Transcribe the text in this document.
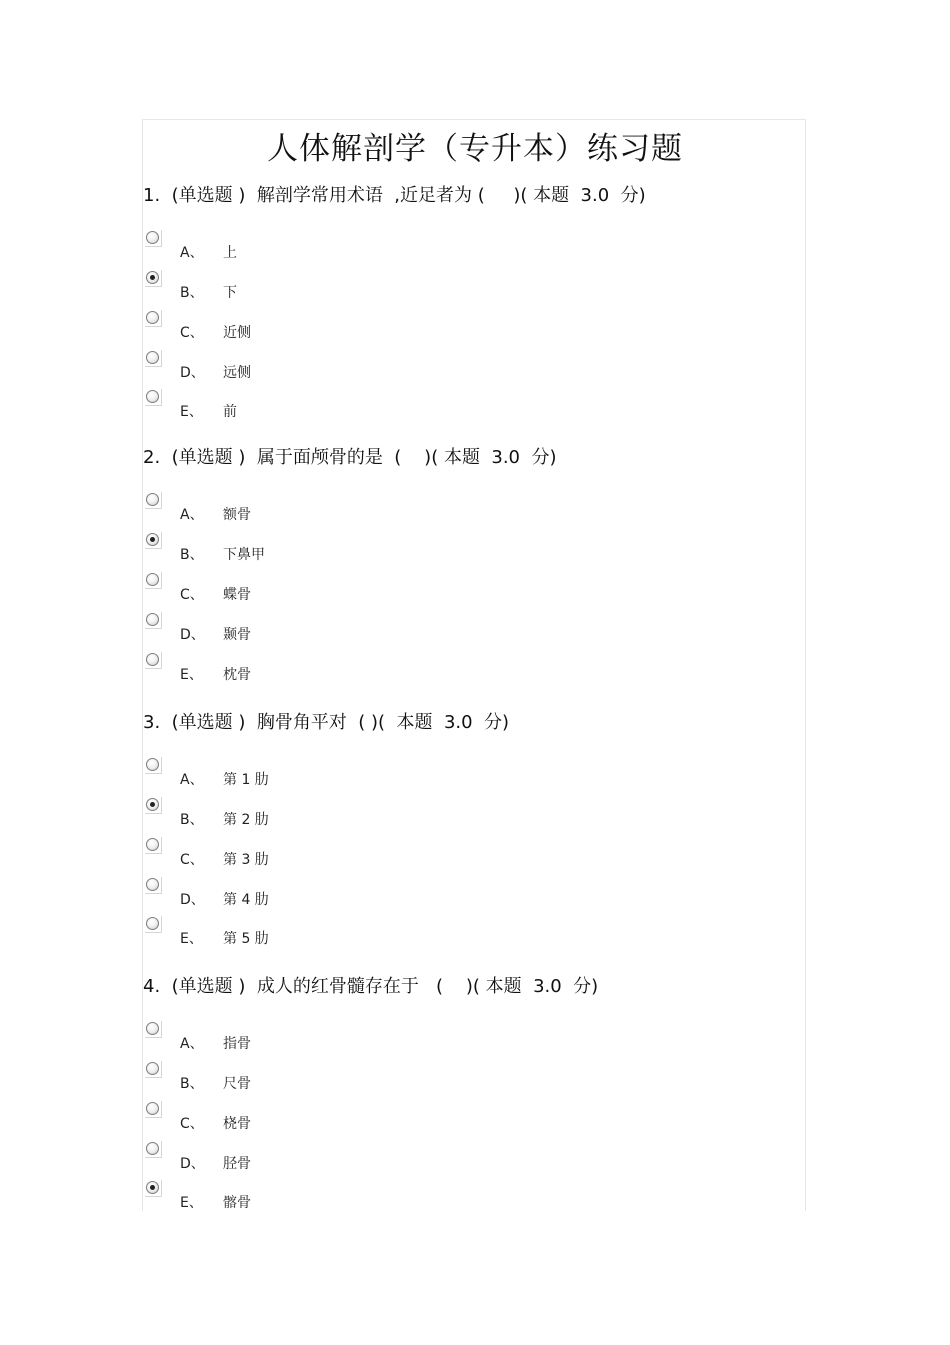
人体解剖学（专升本）练习题
1.  (单选题 )  解剖学常用术语  ,近足者为 (     )( 本题  3.0  分)
A、 上
B、 下
C、 近侧
D、 远侧
E、 前
2.  (单选题 )  属于面颅骨的是  (    )( 本题  3.0  分)
A、 额骨
B、 下鼻甲
C、 蝶骨
D、 颞骨
E、 枕骨
3.  (单选题 )  胸骨角平对  ( )(  本题  3.0  分)
A、 第 1 肋
B、 第 2 肋
C、 第 3 肋
D、 第 4 肋
E、 第 5 肋
4.  (单选题 )  成人的红骨髓存在于   (    )( 本题  3.0  分)
A、 指骨
B、 尺骨
C、 桡骨
D、 胫骨
E、 髂骨
